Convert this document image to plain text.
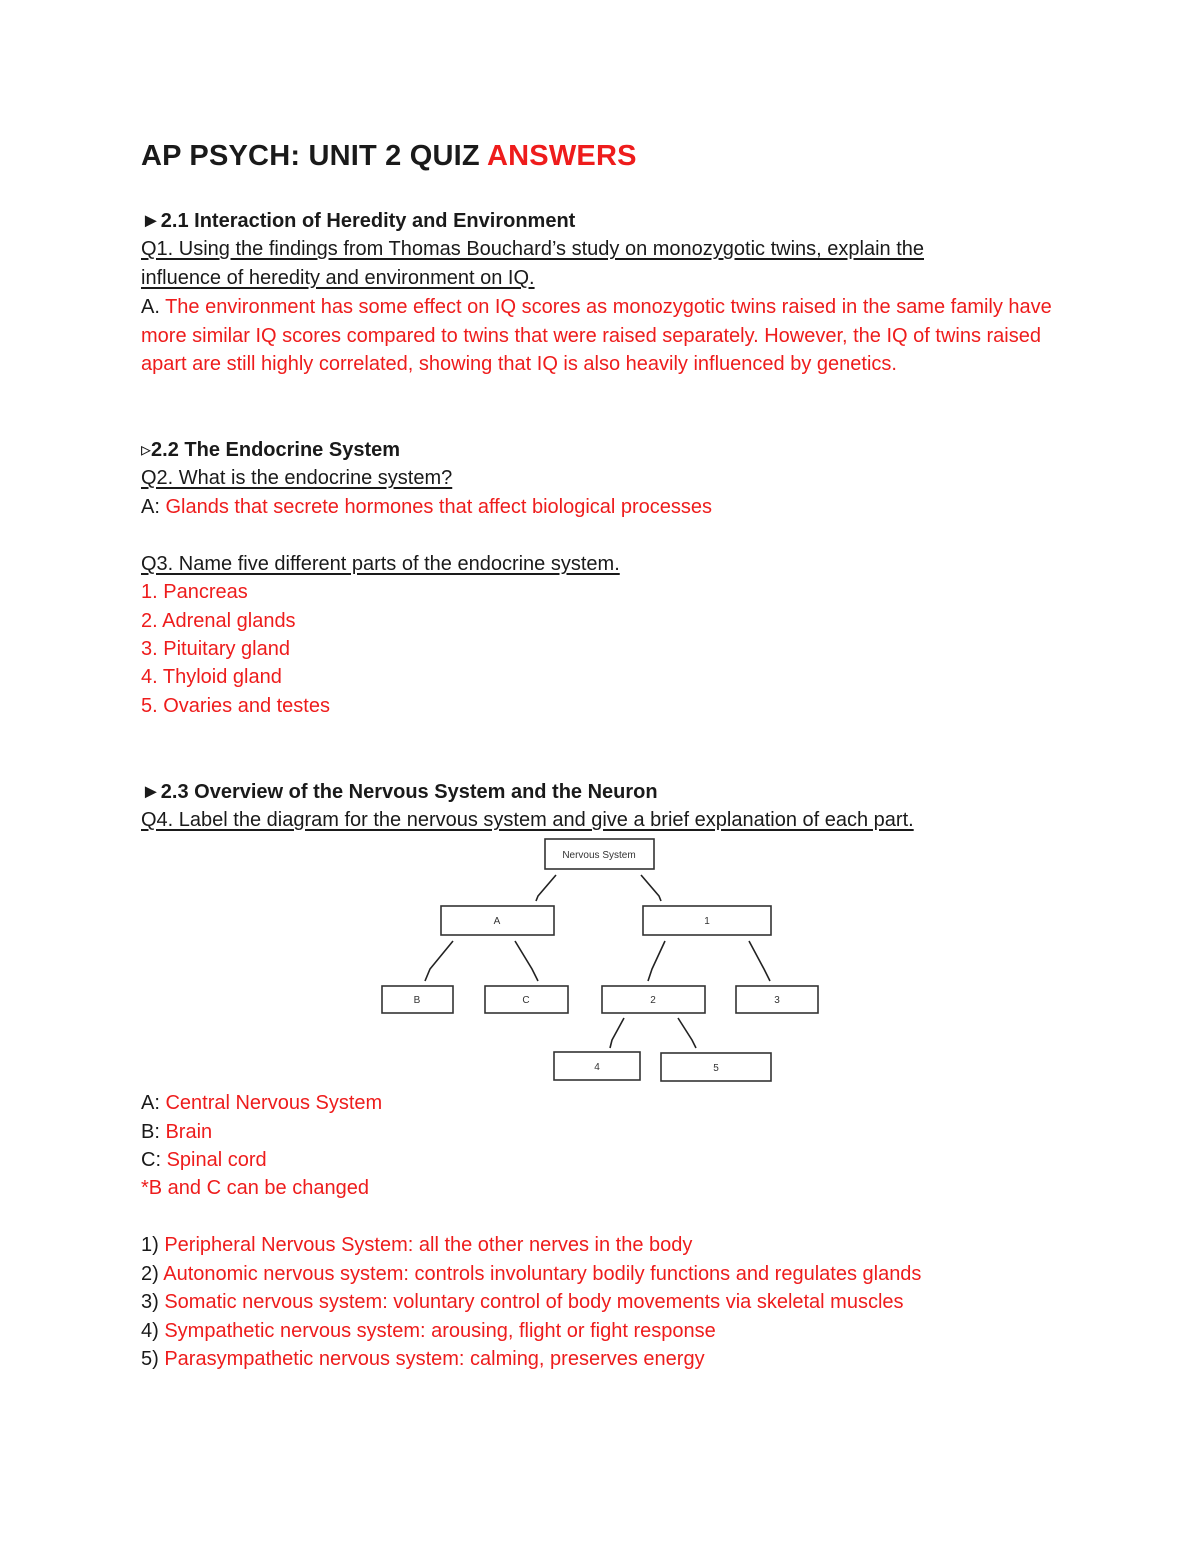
AP PSYCH: UNIT 2 QUIZ ANSWERS
►2.1 Interaction of Heredity and Environment
Q1. Using the findings from Thomas Bouchard’s study on monozygotic twins, explain the
influence of heredity and environment on IQ.
A. The environment has some effect on IQ scores as monozygotic twins raised in the same family have more similar IQ scores compared to twins that were raised separately. However, the IQ of twins raised apart are still highly correlated, showing that IQ is also heavily influenced by genetics.
▹2.2 The Endocrine System
Q2. What is the endocrine system?
A: Glands that secrete hormones that affect biological processes
Q3. Name five different parts of the endocrine system.
1. Pancreas
2. Adrenal glands
3. Pituitary gland
4. Thyloid gland
5. Ovaries and testes
►2.3 Overview of the Nervous System and the Neuron
Q4. Label the diagram for the nervous system and give a brief explanation of each part.
A: Central Nervous System
B: Brain
C: Spinal cord
*B and C can be changed
1) Peripheral Nervous System: all the other nerves in the body
2) Autonomic nervous system: controls involuntary bodily functions and regulates glands
3) Somatic nervous system: voluntary control of body movements via skeletal muscles
4) Sympathetic nervous system: arousing, flight or fight response
5) Parasympathetic nervous system: calming, preserves energy
Nervous System
A	1
B	C	2	3
4	5
